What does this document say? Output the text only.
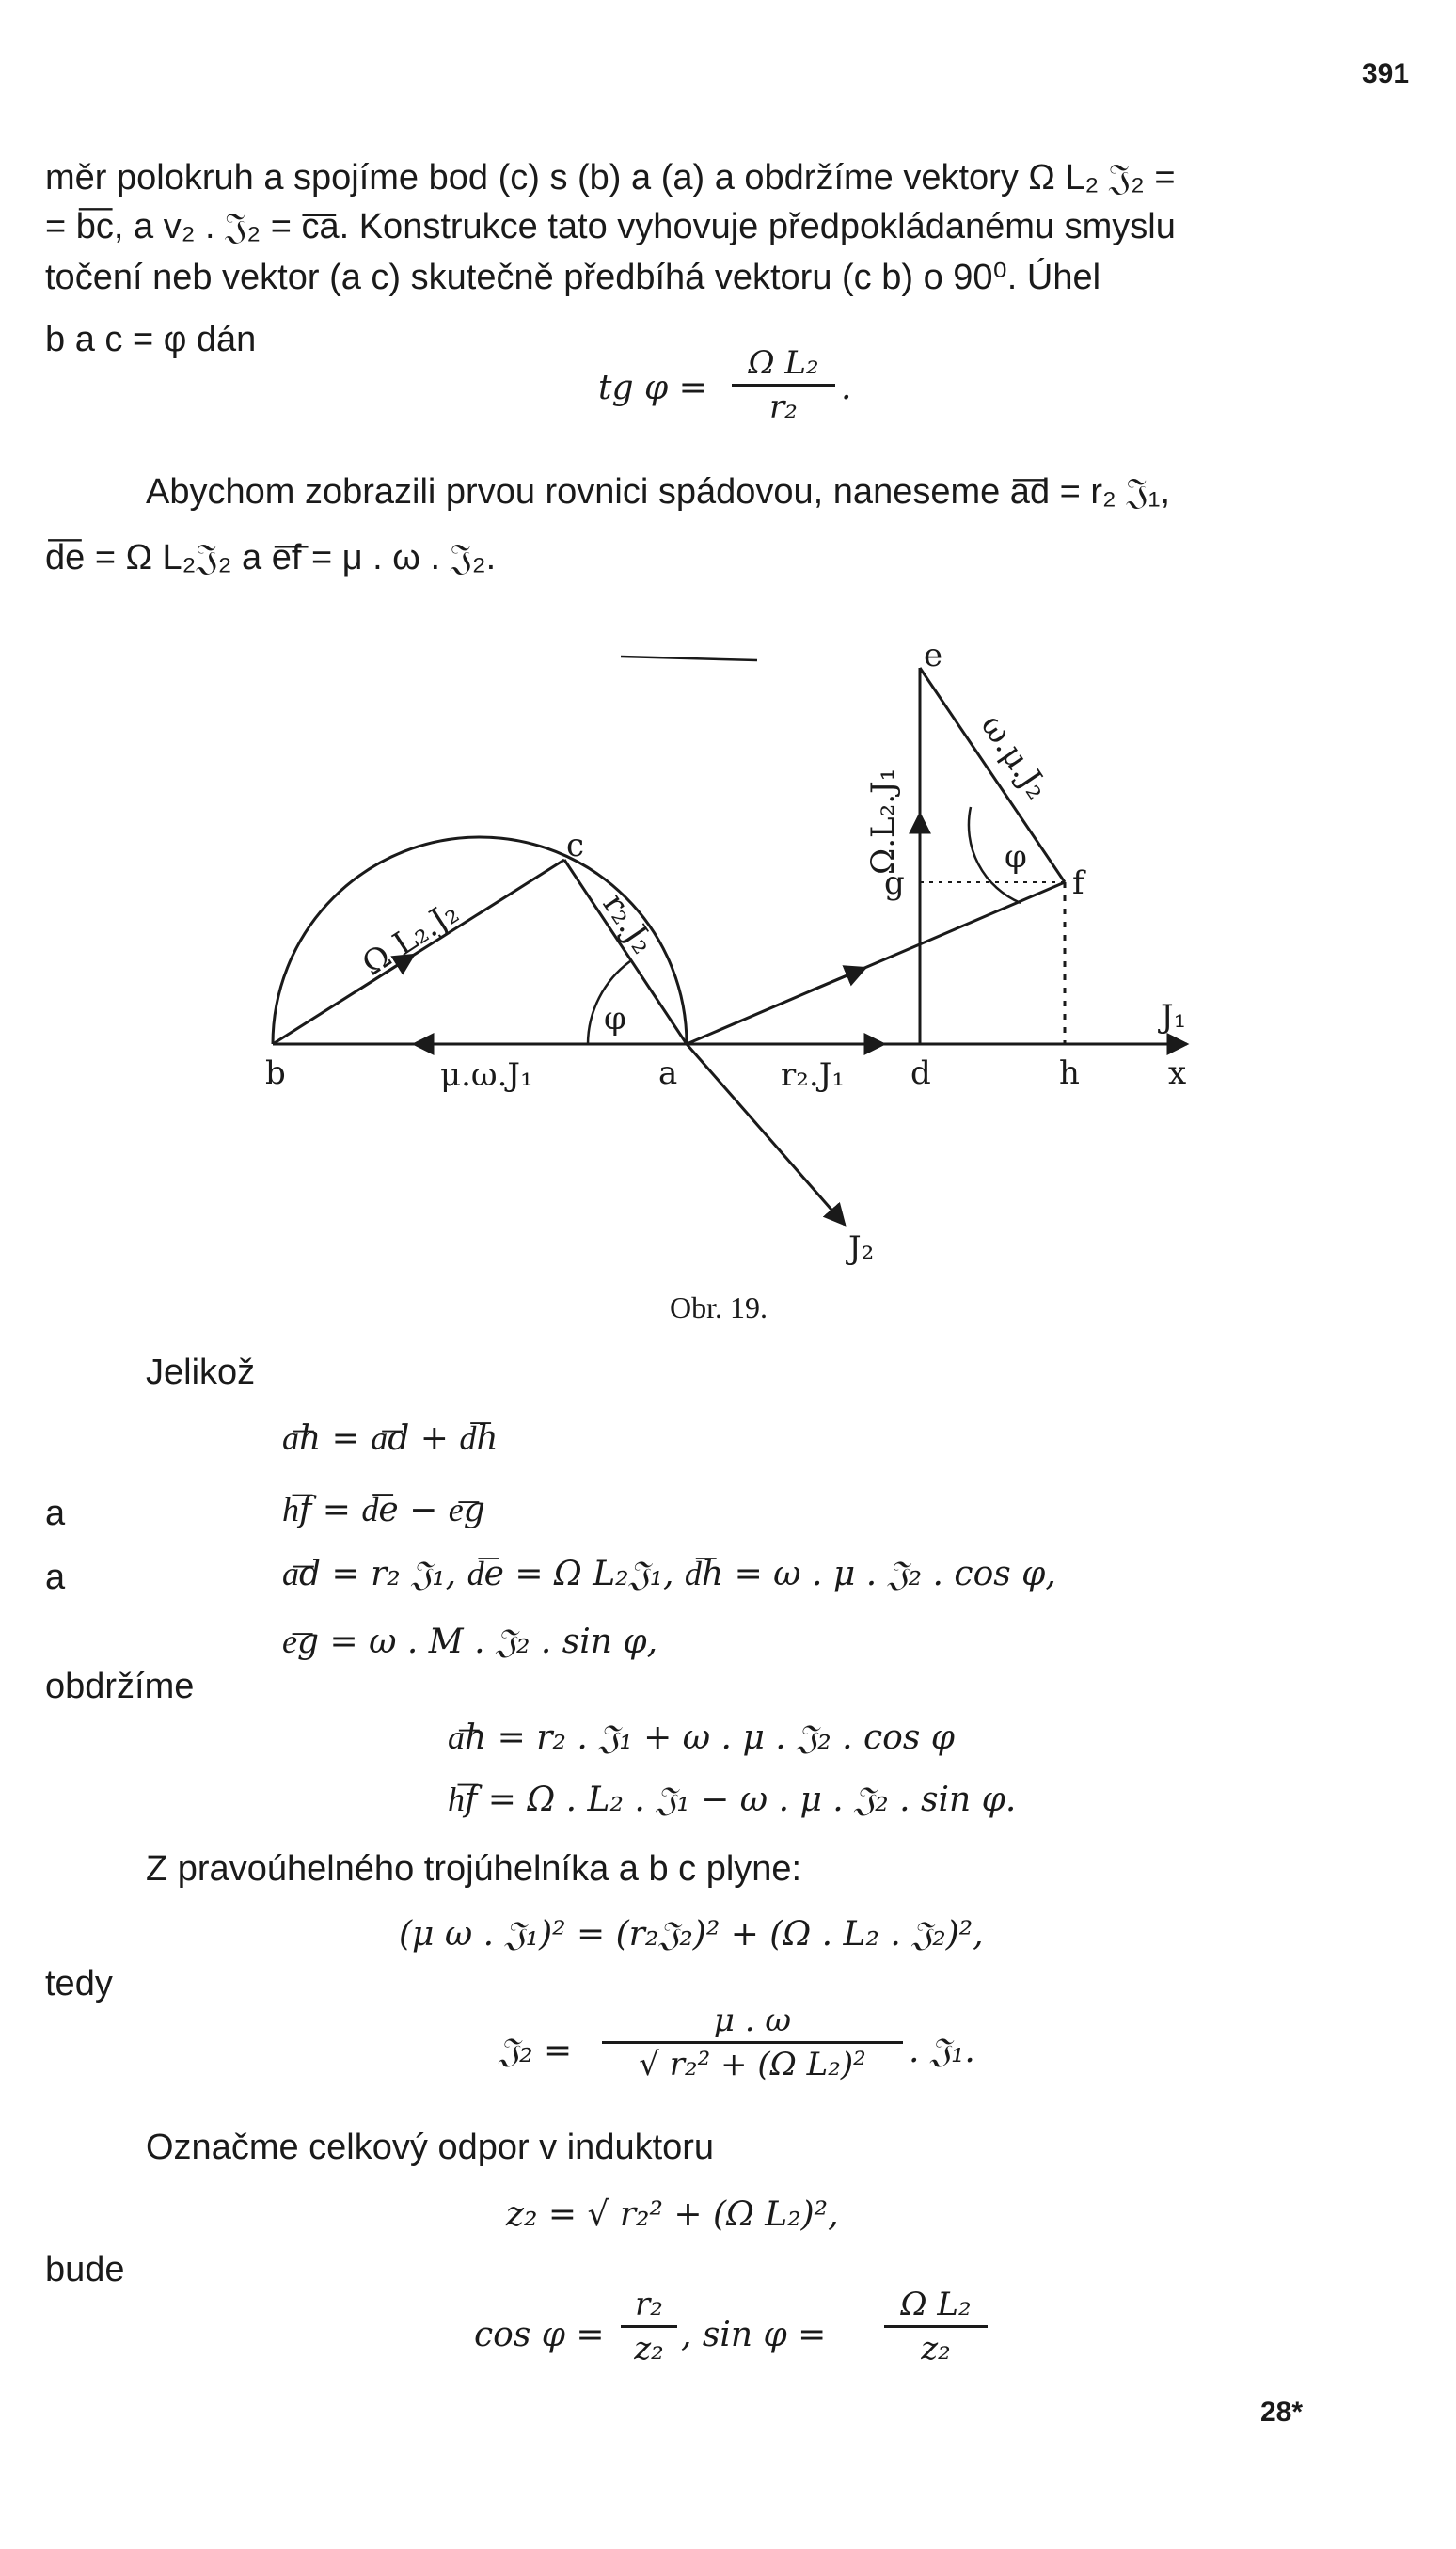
391
měr polokruh a spojíme bod (c) s (b) a (a) a obdržíme vektory Ω L₂ 𝔍₂ =
= b͞c, a v₂ . 𝔍₂ = c͞a. Konstrukce tato vyhovuje předpokládanému smyslu
točení neb vektor (a c) skutečně předbíhá vektoru (c b) o 90⁰. Úhel
b a c = φ dán
tg φ =
Ω L₂
r₂	.
Abychom zobrazili prvou rovnici spádovou, naneseme a͞d = r₂ 𝔍₁,
d͞e = Ω L₂𝔍₂ a e͞f = μ . ω . 𝔍₂.
b
c
a	d	h	x
e
f
g
J₁
J₂
Ω.L₂.J₂	r₂.J₂
φ
μ.ω.J₁	r₂.J₁
Ω.L₂.J₁
ω.μ.J₂
φ
Obr. 19.
Jelikož
a͞h = a͞d + d͞h
a	h͞f = d͞e − e͞g
a	a͞d = r₂ 𝔍₁, d͞e = Ω L₂𝔍₁, d͞h = ω . μ . 𝔍₂ . cos φ,
e͞g = ω . M . 𝔍₂ . sin φ,
obdržíme
a͞h = r₂ . 𝔍₁ + ω . μ . 𝔍₂ . cos φ
h͞f = Ω . L₂ . 𝔍₁ − ω . μ . 𝔍₂ . sin φ.
Z pravoúhelného trojúhelníka a b c plyne:
(μ ω . 𝔍₁)² = (r₂𝔍₂)² + (Ω . L₂ . 𝔍₂)²,
tedy
𝔍₂ =
μ . ω
√ r₂² + (Ω L₂)²	. 𝔍₁.
Označme celkový odpor v induktoru
z₂ = √ r₂² + (Ω L₂)²,
bude
cos φ =
r₂
z₂ , sin φ =
Ω L₂
z₂
28*
